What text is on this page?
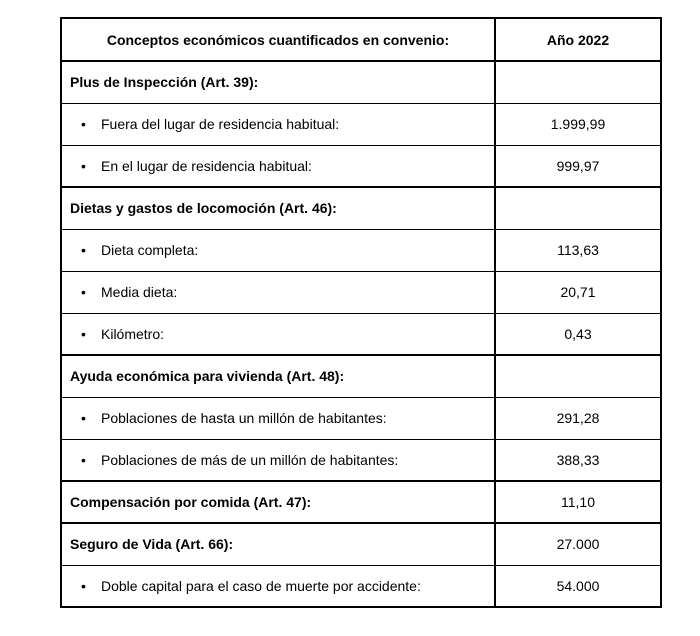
Conceptos económicos cuantificados en convenio:	Año 2022
Plus de Inspección (Art. 39):	
• Fuera del lugar de residencia habitual:	1.999,99
• En el lugar de residencia habitual:	999,97
Dietas y gastos de locomoción (Art. 46):	
• Dieta completa:	113,63
• Media dieta:	20,71
• Kilómetro:	0,43
Ayuda económica para vivienda (Art. 48):	
• Poblaciones de hasta un millón de habitantes:	291,28
• Poblaciones de más de un millón de habitantes:	388,33
Compensación por comida (Art. 47):	11,10
Seguro de Vida (Art. 66):	27.000
• Doble capital para el caso de muerte por accidente:	54.000
